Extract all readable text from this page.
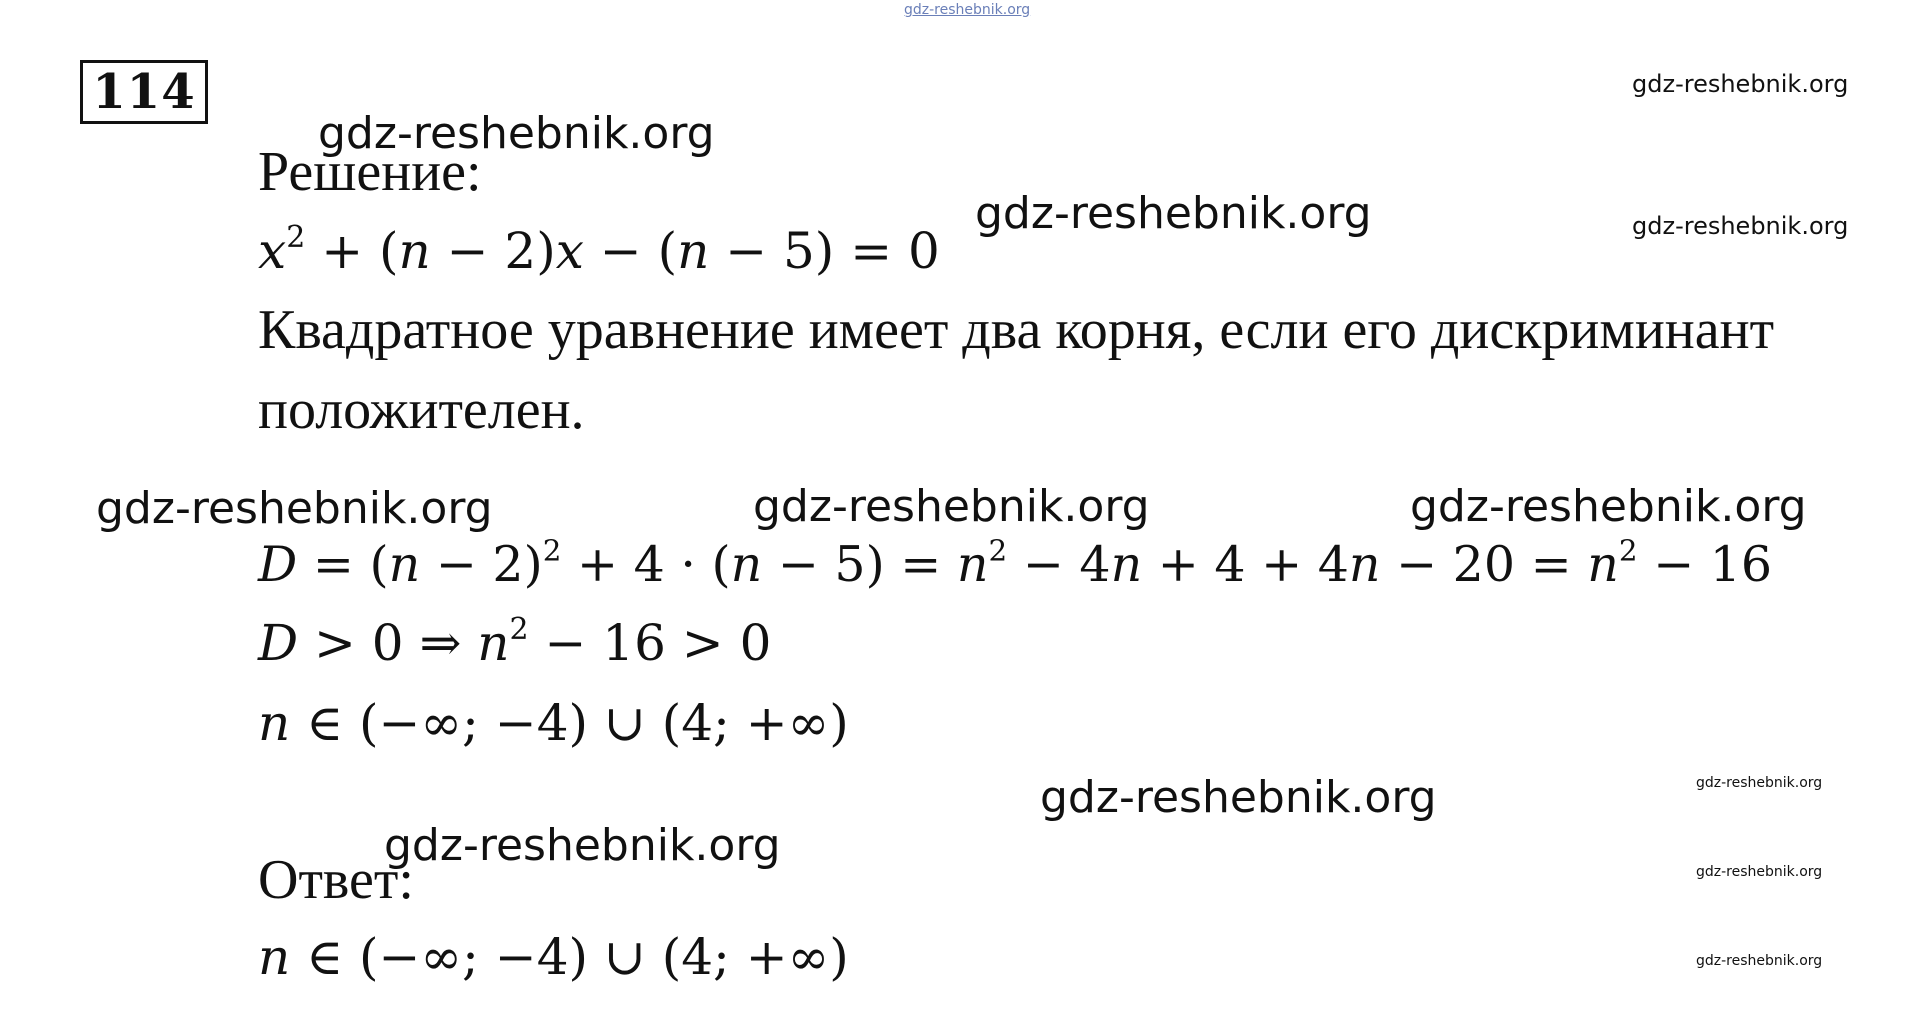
gdz-reshebnik.org
114	gdz-reshebnik.org
gdz-reshebnik.org
gdz-reshebnik.org	gdz-reshebnik.org
gdz-reshebnik.org	gdz-reshebnik.org	gdz-reshebnik.org
gdz-reshebnik.org	gdz-reshebnik.org
gdz-reshebnik.org
gdz-reshebnik.org
gdz-reshebnik.org
Решение:
$x^2 + (n - 2)x - (n - 5) = 0$
Квадратное уравнение имеет два корня, если его дискриминант
положителен.
$D = (n - 2)^2 + 4 \cdot (n - 5) = n^2 - 4n + 4 + 4n - 20 = n^2 - 16$
D > 0 ⇒ $n^2 - 16 > 0$
n ∈ (−∞; −4) ∪ (4; +∞)
Ответ:
n ∈ (−∞; −4) ∪ (4; +∞)
